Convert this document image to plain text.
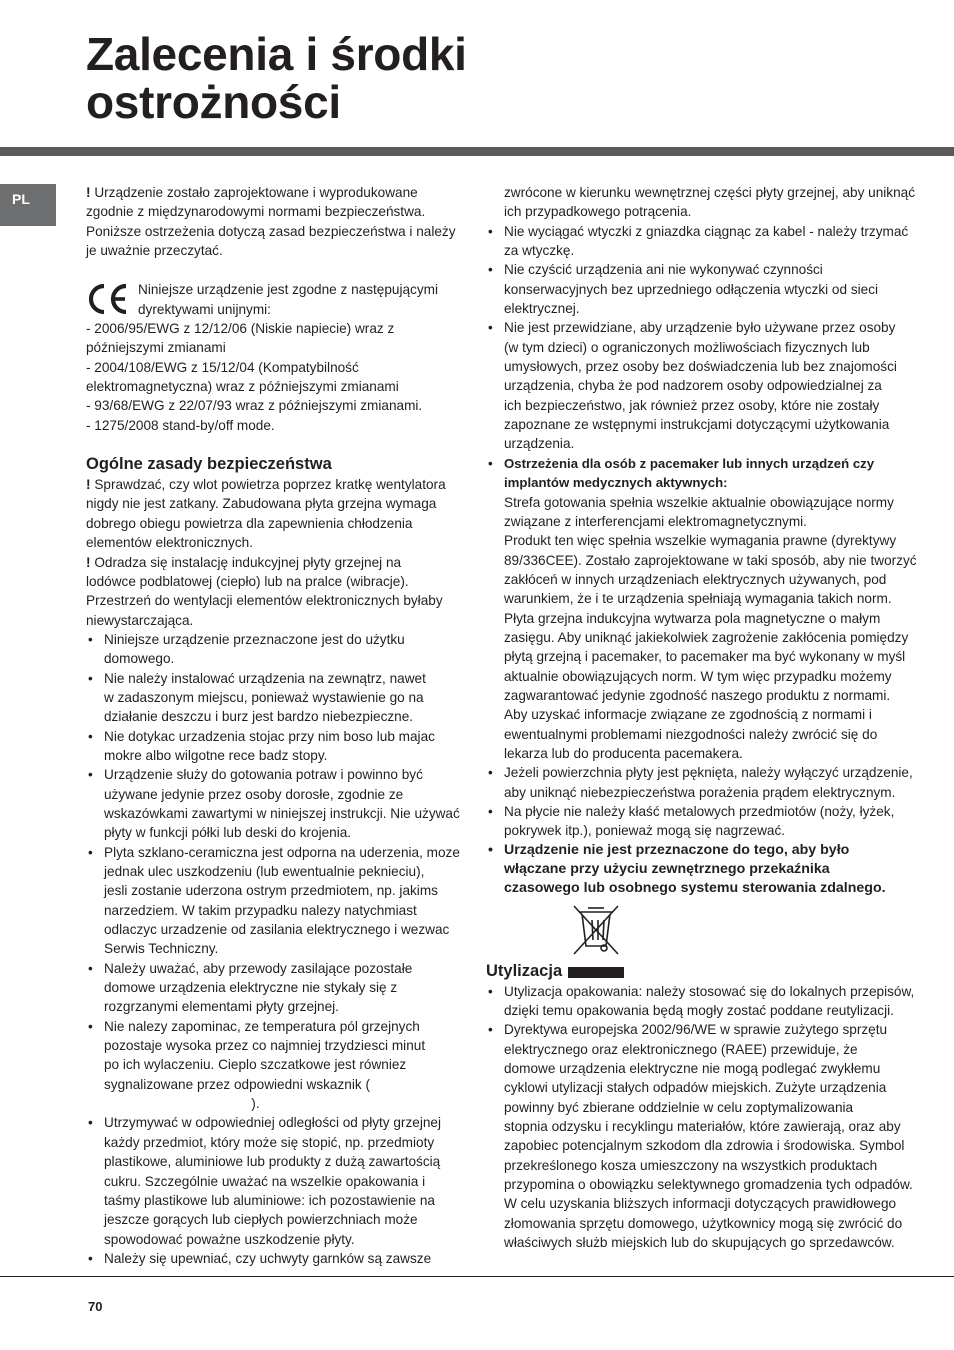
Zalecenia i środki
ostrożności
PL	! Urządzenie zostało zaprojektowane i wyprodukowane

zgodnie z międzynarodowymi normami bezpieczeństwa.

Poniższe ostrzeżenia dotyczą zasad bezpieczeństwa i należy

je uważnie przeczytać.

Niniejsze urządzenie jest zgodne z następującymi

dyrektywami unijnymi:

- 2006/95/EWG z 12/12/06 (Niskie napiecie) wraz z

późniejszymi zmianami

- 2004/108/EWG z 15/12/04 (Kompatybilność

elektromagnetyczna) wraz z późniejszymi zmianami

- 93/68/EWG z 22/07/93 wraz z późniejszymi zmianami.

- 1275/2008 stand-by/off mode.

Ogólne zasady bezpieczeństwa

! Sprawdzać, czy wlot powietrza poprzez kratkę wentylatora

nigdy nie jest zatkany. Zabudowana płyta grzejna wymaga

dobrego obiegu powietrza dla zapewnienia chłodzenia

elementów elektronicznych.

! Odradza się instalację indukcyjnej płyty grzejnej na

lodówce podblatowej (ciepło) lub na pralce (wibracje).

Przestrzeń do wentylacji elementów elektronicznych byłaby

niewystarczająca.

• Niniejsze urządzenie przeznaczone jest do użytku

domowego.

• Nie należy instalować urządzenia na zewnątrz, nawet

w zadaszonym miejscu, ponieważ wystawienie go na

działanie deszczu i burz jest bardzo niebezpieczne.

• Nie dotykac urzadzenia stojac przy nim boso lub majac

mokre albo wilgotne rece badz stopy.

• Urządzenie służy do gotowania potraw i powinno być

używane jedynie przez osoby dorosłe, zgodnie ze

wskazówkami zawartymi w niniejszej instrukcji. Nie używać

płyty w funkcji półki lub deski do krojenia.

• Plyta szklano-ceramiczna jest odporna na uderzenia, moze

jednak ulec uszkodzeniu (lub ewentualnie peknieciu),

jesli zostanie uderzona ostrym przedmiotem, np. jakims

narzedziem. W takim przypadku nalezy natychmiast

odlaczyc urzadzenie od zasilania elektrycznego i wezwac

Serwis Techniczny.

• Należy uważać, aby przewody zasilające pozostałe

domowe urządzenia elektryczne nie stykały się z

rozgrzanymi elementami płyty grzejnej.

• Nie nalezy zapominac, ze temperatura pól grzejnych

pozostaje wysoka przez co najmniej trzydziesci minut

po ich wylaczeniu. Cieplo szczatkowe jest równiez

sygnalizowane przez odpowiedni wskaznik (

).

• Utrzymywać w odpowiedniej odległości od płyty grzejnej

każdy przedmiot, który może się stopić, np. przedmioty

plastikowe, aluminiowe lub produkty z dużą zawartością

cukru. Szczególnie uważać na wszelkie opakowania i

taśmy plastikowe lub aluminiowe: ich pozostawienie na

jeszcze gorących lub ciepłych powierzchniach może

spowodować poważne uszkodzenie płyty.

• Należy się upewniać, czy uchwyty garnków są zawsze

zwrócone w kierunku wewnętrznej części płyty grzejnej, aby uniknąć

ich przypadkowego potrącenia.

• Nie wyciągać wtyczki z gniazdka ciągnąc za kabel - należy trzymać

za wtyczkę.

• Nie czyścić urządzenia ani nie wykonywać czynności

konserwacyjnych bez uprzedniego odłączenia wtyczki od sieci

elektrycznej.

• Nie jest przewidziane, aby urządzenie było używane przez osoby

(w tym dzieci) o ograniczonych możliwościach fizycznych lub

umysłowych, przez osoby bez doświadczenia lub bez znajomości

urządzenia, chyba że pod nadzorem osoby odpowiedzialnej za

ich bezpieczeństwo, jak również przez osoby, które nie zostały

zapoznane ze wstępnymi instrukcjami dotyczącymi użytkowania

urządzenia.

• Ostrzeżenia dla osób z pacemaker lub innych urządzeń czy

implantów medycznych aktywnych:

Strefa gotowania spełnia wszelkie aktualnie obowiązujące normy

związane z interferencjami elektromagnetycznymi.

Produkt ten więc spełnia wszelkie wymagania prawne (dyrektywy

89/336CEE). Zostało zaprojektowane w taki sposób, aby nie tworzyć

zakłóceń w innych urządzeniach elektrycznych używanych, pod

warunkiem, że i te urządzenia spełniają wymagania takich norm.

Płyta grzejna indukcyjna wytwarza pola magnetyczne o małym

zasięgu. Aby uniknąć jakiekolwiek zagrożenie zakłócenia pomiędzy

płytą grzejną i pacemaker, to pacemaker ma być wykonany w myśl

aktualnie obowiązujących norm. W tym więc przypadku możemy

zagwarantować jedynie zgodność naszego produktu z normami.

Aby uzyskać informacje związane ze zgodnością z normami i

ewentualnymi problemami niezgodności należy zwrócić się do

lekarza lub do producenta pacemakera.

• Jeżeli powierzchnia płyty jest pęknięta, należy wyłączyć urządzenie,

aby uniknąć niebezpieczeństwa porażenia prądem elektrycznym.

• Na płycie nie należy kłaść metalowych przedmiotów (noży, łyżek,

pokrywek itp.), ponieważ mogą się nagrzewać.

• Urządzenie nie jest przeznaczone do tego, aby było

włączane przy użyciu zewnętrznego przekaźnika

czasowego lub osobnego systemu sterowania zdalnego.

Utylizacja

• Utylizacja opakowania: należy stosować się do lokalnych przepisów,

dzięki temu opakowania będą mogły zostać poddane reutylizacji.

• Dyrektywa europejska 2002/96/WE w sprawie zużytego sprzętu

elektrycznego oraz elektronicznego (RAEE) przewiduje, że

domowe urządzenia elektryczne nie mogą podlegać zwykłemu

cyklowi utylizacji stałych odpadów miejskich. Zużyte urządzenia

powinny być zbierane oddzielnie w celu zoptymalizowania

stopnia odzysku i recyklingu materiałów, które zawierają, oraz aby

zapobiec potencjalnym szkodom dla zdrowia i środowiska. Symbol

przekreślonego kosza umieszczony na wszystkich produktach

przypomina o obowiązku selektywnego gromadzenia tych odpadów.

W celu uzyskania bliższych informacji dotyczących prawidłowego

złomowania sprzętu domowego, użytkownicy mogą się zwrócić do

właściwych służb miejskich lub do skupujących go sprzedawców.

70
